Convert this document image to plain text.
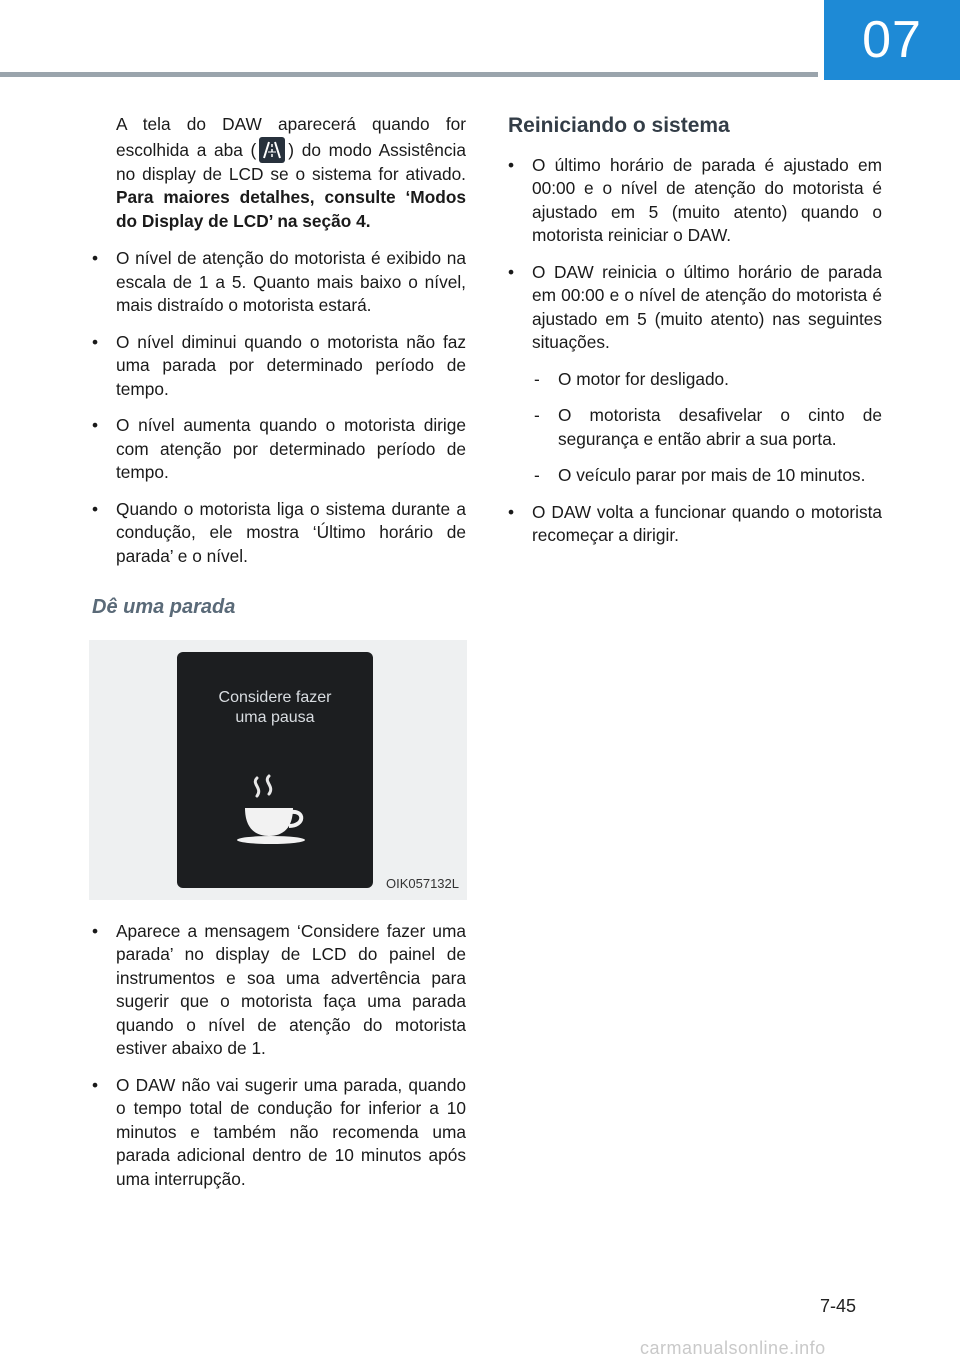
07

A tela do DAW aparecerá quando for escolhida a aba ( ) do modo Assistência no display de LCD se o sistema for ativado. Para maiores detalhes, consulte ‘Modos do Display de LCD’ na seção 4.

• O nível de atenção do motorista é exibido na escala de 1 a 5. Quanto mais baixo o nível, mais distraído o motorista estará.
• O nível diminui quando o motorista não faz uma parada por determinado período de tempo.
• O nível aumenta quando o motorista dirige com atenção por determinado período de tempo.
• Quando o motorista liga o sistema durante a condução, ele mostra ‘Último horário de parada’ e o nível.
Dê uma parada
Considere fazer
uma pausa
OIK057132L
• Aparece a mensagem ‘Considere fazer uma parada’ no display de LCD do painel de instrumentos e soa uma advertência para sugerir que o motorista faça uma parada quando o nível de atenção do motorista estiver abaixo de 1.
• O DAW não vai sugerir uma parada, quando o tempo total de condução for inferior a 10 minutos e também não recomenda uma parada adicional dentro de 10 minutos após uma interrupção.
Reiniciando o sistema
• O último horário de parada é ajustado em 00:00 e o nível de atenção do motorista é ajustado em 5 (muito atento) quando o motorista reiniciar o DAW.
• O DAW reinicia o último horário de parada em 00:00 e o nível de atenção do motorista é ajustado em 5 (muito atento) nas seguintes situações.
- O motor for desligado.
- O motorista desafivelar o cinto de segurança e então abrir a sua porta.
- O veículo parar por mais de 10 minutos.
• O DAW volta a funcionar quando o motorista recomeçar a dirigir.
7-45
carmanualsonline.info
